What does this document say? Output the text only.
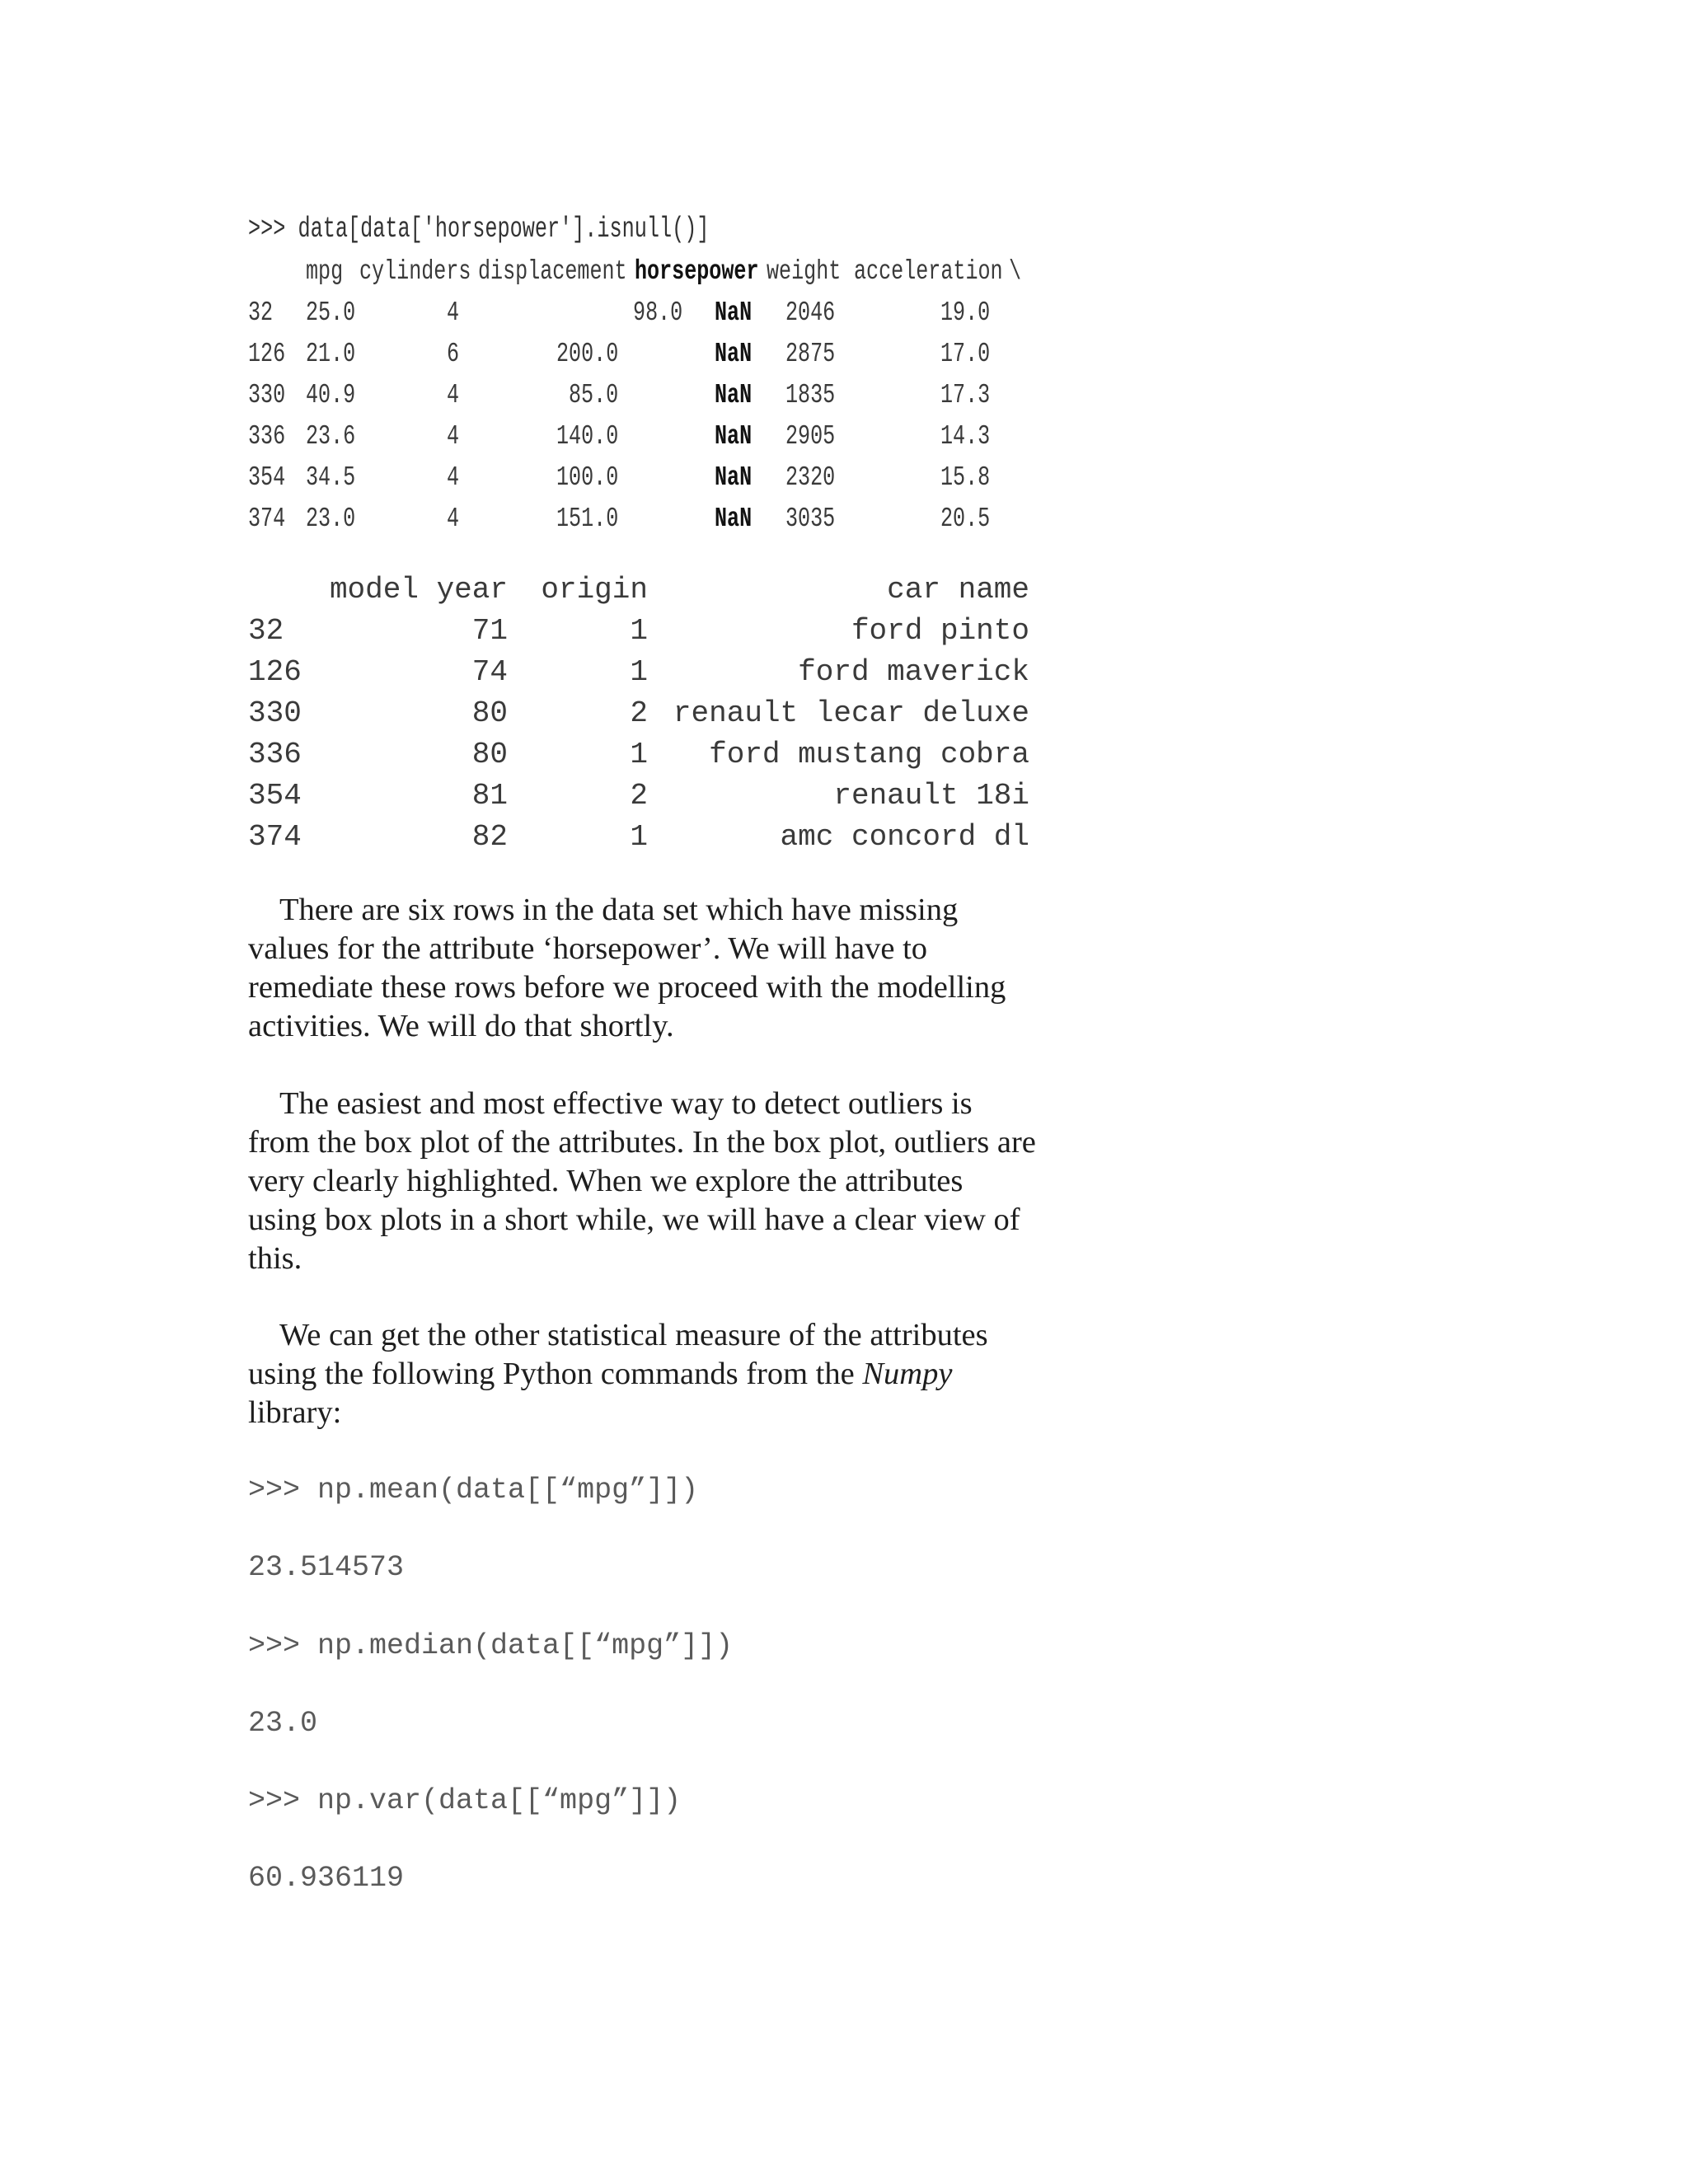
>>> data[data['horsepower'].isnull()]
mpg cylinders displacement horsepower weight acceleration \
32 25.0	4	98.0 NaN 2046	19.0
126 21.0	6	200.0	NaN 2875	17.0
330 40.9	4	85.0	NaN 1835	17.3
336 23.6	4	140.0	NaN 2905	14.3
354 34.5	4	100.0	NaN 2320	15.8
374 23.0	4	151.0	NaN 3035	20.5
model year origin	car name
32	71	1	ford pinto
126	74	1	ford maverick
330	80	2 renault lecar deluxe
336	80	1 ford mustang cobra
354	81	2	renault 18i
374	82	1	amc concord dl

There are six rows in the data set which have missing values for the attribute ‘horsepower’. We will have to remediate these rows before we proceed with the modelling activities. We will do that shortly.

The easiest and most effective way to detect outliers is from the box plot of the attributes. In the box plot, outliers are very clearly highlighted. When we explore the attributes using box plots in a short while, we will have a clear view of this.

We can get the other statistical measure of the attributes using the following Python commands from the Numpy library:

>>> np.mean(data[[“mpg”]])
23.514573
>>> np.median(data[[“mpg”]])
23.0
>>> np.var(data[[“mpg”]])
60.936119
